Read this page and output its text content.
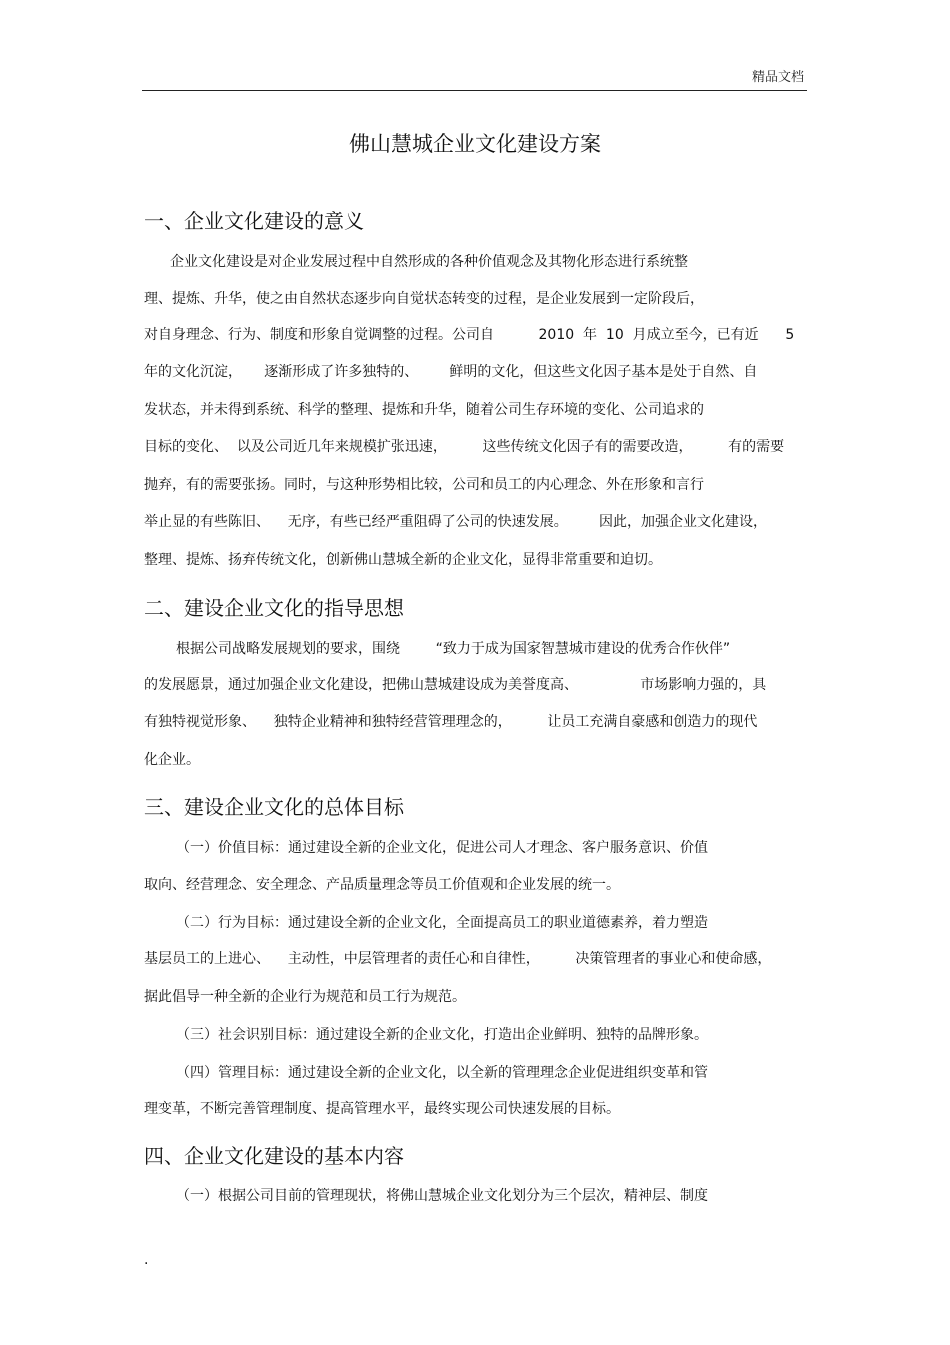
精品文档
佛山慧城企业文化建设方案
一、企业文化建设的意义
企业文化建设是对企业发展过程中自然形成的各种价值观念及其物化形态进行系统整
理、提炼、升华，使之由自然状态逐步向自觉状态转变的过程，是企业发展到一定阶段后，
对自身理念、行为、制度和形象自觉调整的过程。公司自          2010  年  10  月成立至今，已有近      5
年的文化沉淀，     逐渐形成了许多独特的、       鲜明的文化，但这些文化因子基本是处于自然、自
发状态，并未得到系统、科学的整理、提炼和升华，随着公司生存环境的变化、公司追求的
目标的变化、  以及公司近几年来规模扩张迅速，        这些传统文化因子有的需要改造，        有的需要
抛弃，有的需要张扬。同时，与这种形势相比较，公司和员工的内心理念、外在形象和言行
举止显的有些陈旧、    无序，有些已经严重阻碍了公司的快速发展。       因此，加强企业文化建设，
整理、提炼、扬弃传统文化，创新佛山慧城全新的企业文化，显得非常重要和迫切。
二、建设企业文化的指导思想
根据公司战略发展规划的要求，围绕        “致力于成为国家智慧城市建设的优秀合作伙伴”
的发展愿景，通过加强企业文化建设，把佛山慧城建设成为美誉度高、              市场影响力强的，具
有独特视觉形象、    独特企业精神和独特经营管理理念的，        让员工充满自豪感和创造力的现代
化企业。
三、建设企业文化的总体目标
（一）价值目标：通过建设全新的企业文化，促进公司人才理念、客户服务意识、价值
取向、经营理念、安全理念、产品质量理念等员工价值观和企业发展的统一。
（二）行为目标：通过建设全新的企业文化，全面提高员工的职业道德素养，着力塑造
基层员工的上进心、    主动性，中层管理者的责任心和自律性，        决策管理者的事业心和使命感，
据此倡导一种全新的企业行为规范和员工行为规范。
（三）社会识别目标：通过建设全新的企业文化，打造出企业鲜明、独特的品牌形象。
（四）管理目标：通过建设全新的企业文化，以全新的管理理念企业促进组织变革和管
理变革，不断完善管理制度、提高管理水平，最终实现公司快速发展的目标。
四、企业文化建设的基本内容
（一）根据公司目前的管理现状，将佛山慧城企业文化划分为三个层次，精神层、制度
.
